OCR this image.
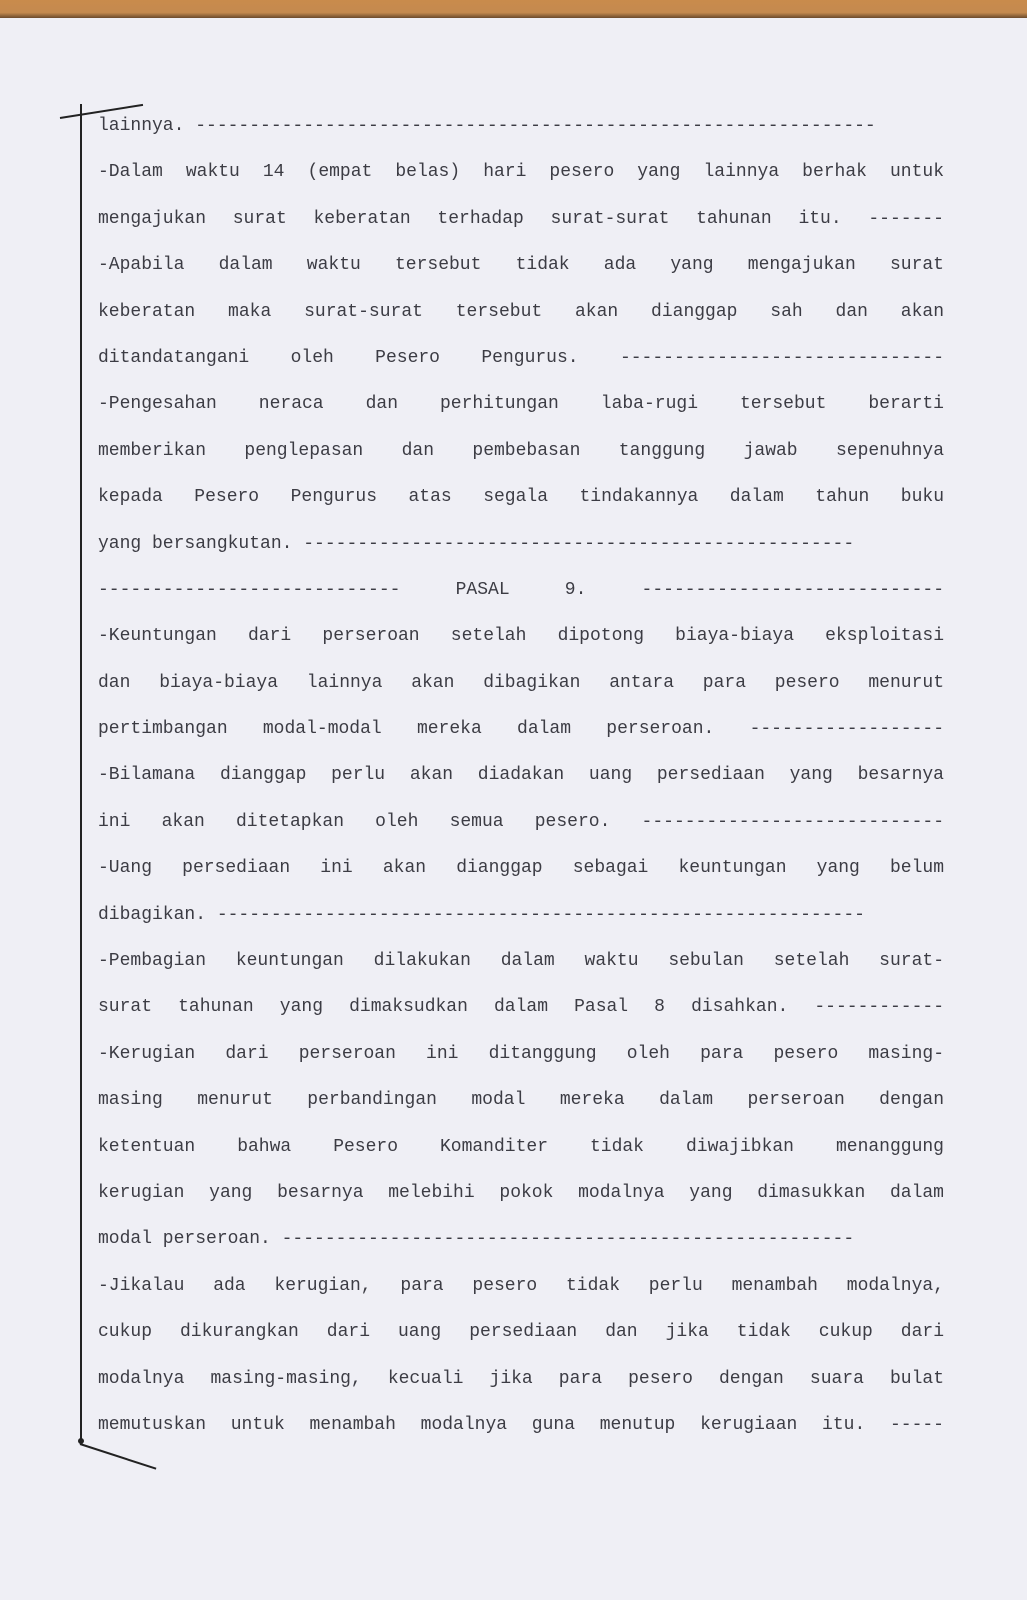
lainnya. ---------------------------------------------------------------
-Dalam waktu 14 (empat belas) hari pesero yang lainnya berhak untuk
mengajukan surat keberatan terhadap surat-surat tahunan itu. -------
-Apabila dalam waktu tersebut tidak ada yang mengajukan surat
keberatan maka surat-surat tersebut akan dianggap sah dan akan
ditandatangani oleh Pesero Pengurus. ------------------------------
-Pengesahan neraca dan perhitungan laba-rugi tersebut berarti
memberikan penglepasan dan pembebasan tanggung jawab sepenuhnya
kepada Pesero Pengurus atas segala tindakannya dalam tahun buku
yang bersangkutan. ---------------------------------------------------
---------------------------- PASAL 9. ----------------------------
-Keuntungan dari perseroan setelah dipotong biaya-biaya eksploitasi
dan biaya-biaya lainnya akan dibagikan antara para pesero menurut
pertimbangan modal-modal mereka dalam perseroan. ------------------
-Bilamana dianggap perlu akan diadakan uang persediaan yang besarnya
ini akan ditetapkan oleh semua pesero. ----------------------------
-Uang persediaan ini akan dianggap sebagai keuntungan yang belum
dibagikan. ------------------------------------------------------------
-Pembagian keuntungan dilakukan dalam waktu sebulan setelah surat-
surat tahunan yang dimaksudkan dalam Pasal 8 disahkan. ------------
-Kerugian dari perseroan ini ditanggung oleh para pesero masing-
masing menurut perbandingan modal mereka dalam perseroan dengan
ketentuan bahwa Pesero Komanditer tidak diwajibkan menanggung
kerugian yang besarnya melebihi pokok modalnya yang dimasukkan dalam
modal perseroan. -----------------------------------------------------
-Jikalau ada kerugian, para pesero tidak perlu menambah modalnya,
cukup dikurangkan dari uang persediaan dan jika tidak cukup dari
modalnya masing-masing, kecuali jika para pesero dengan suara bulat
memutuskan untuk menambah modalnya guna menutup kerugiaan itu. -----
